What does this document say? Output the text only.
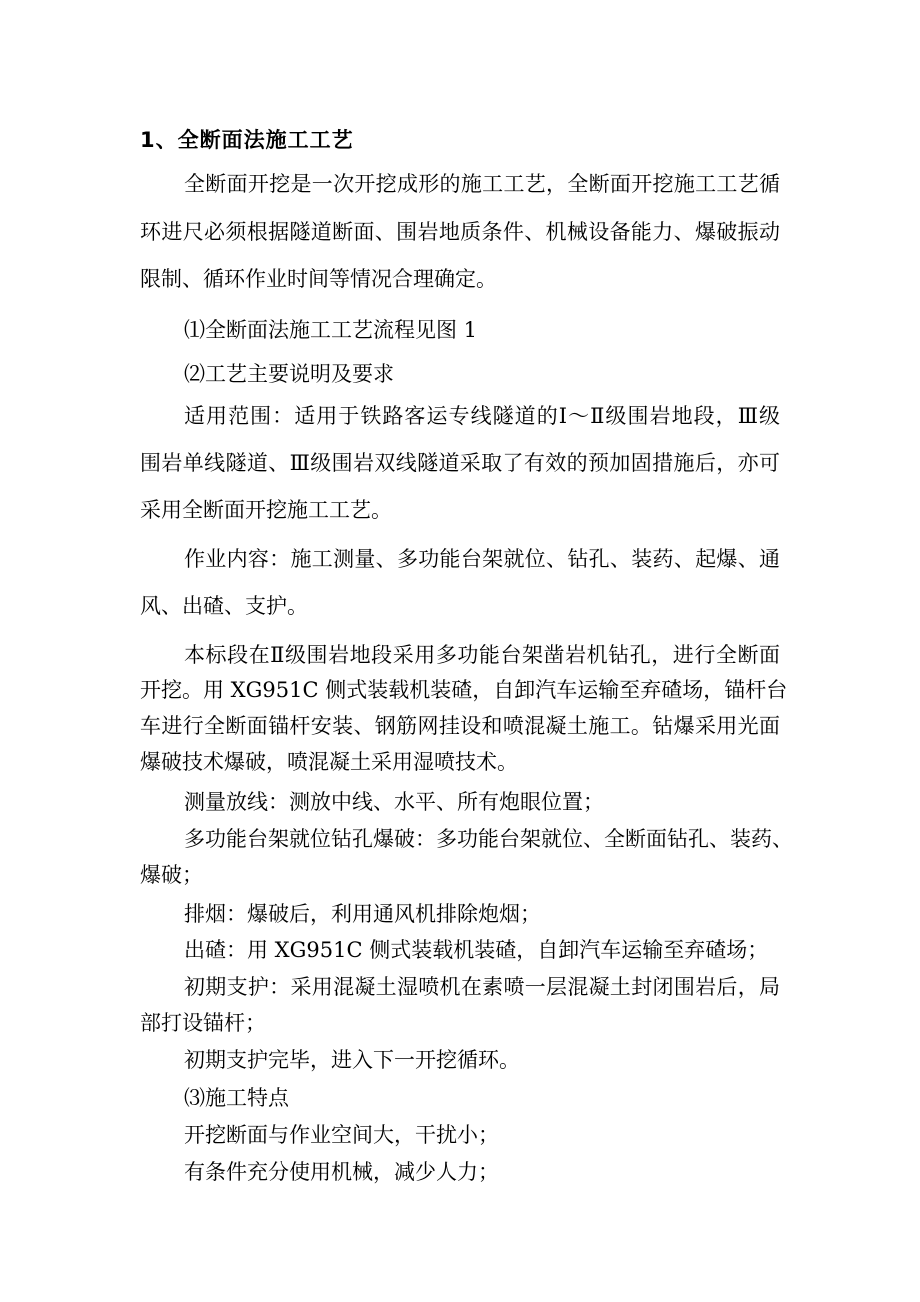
1、全断面法施工工艺
全断面开挖是一次开挖成形的施工工艺，全断面开挖施工工艺循
环进尺必须根据隧道断面、围岩地质条件、机械设备能力、爆破振动
限制、循环作业时间等情况合理确定。
⑴全断面法施工工艺流程见图 1
⑵工艺主要说明及要求
适用范围：适用于铁路客运专线隧道的Ⅰ～Ⅱ级围岩地段，Ⅲ级
围岩单线隧道、Ⅲ级围岩双线隧道采取了有效的预加固措施后，亦可
采用全断面开挖施工工艺。
作业内容：施工测量、多功能台架就位、钻孔、装药、起爆、通
风、出碴、支护。
本标段在Ⅱ级围岩地段采用多功能台架凿岩机钻孔，进行全断面
开挖。用 XG951C 侧式装载机装碴，自卸汽车运输至弃碴场，锚杆台
车进行全断面锚杆安装、钢筋网挂设和喷混凝土施工。钻爆采用光面
爆破技术爆破，喷混凝土采用湿喷技术。
测量放线：测放中线、水平、所有炮眼位置；
多功能台架就位钻孔爆破：多功能台架就位、全断面钻孔、装药、
爆破；
排烟：爆破后，利用通风机排除炮烟；
出碴：用 XG951C 侧式装载机装碴，自卸汽车运输至弃碴场；
初期支护：采用混凝土湿喷机在素喷一层混凝土封闭围岩后，局
部打设锚杆；
初期支护完毕，进入下一开挖循环。
⑶施工特点
开挖断面与作业空间大，干扰小；
有条件充分使用机械，减少人力；
